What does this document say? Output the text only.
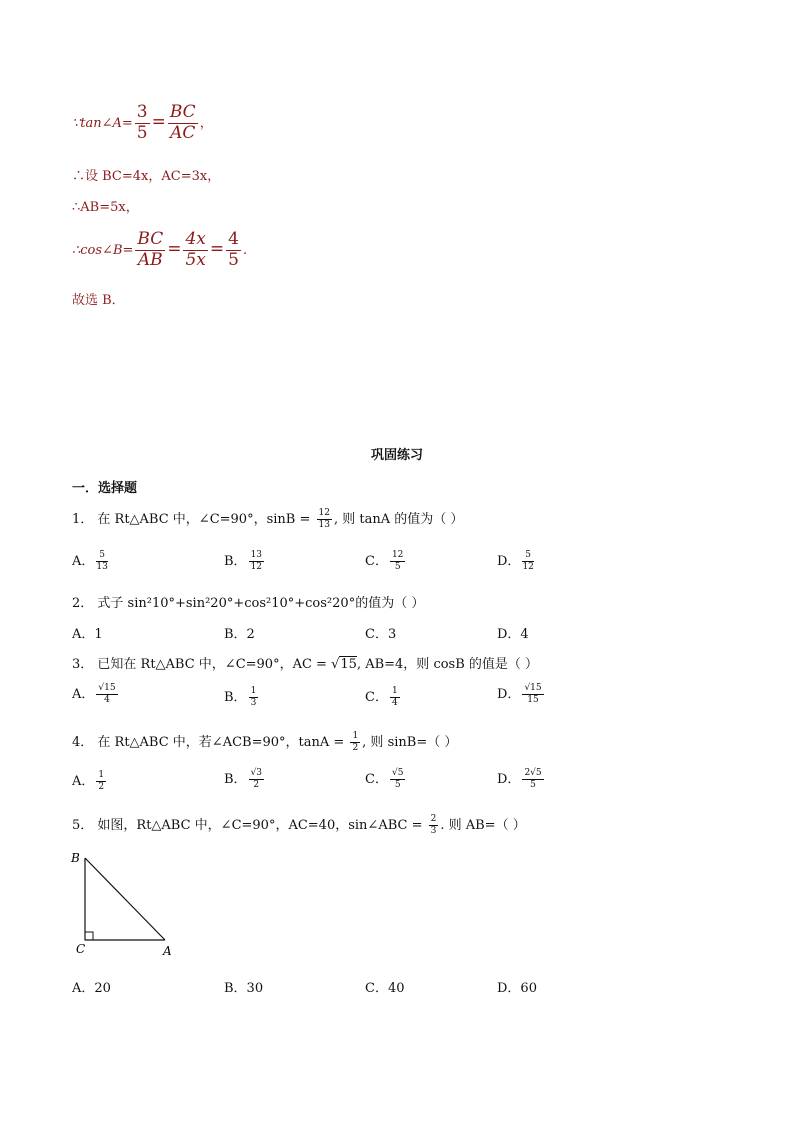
∵tan∠A= $\frac{3}{5} = \frac{BC}{AC}$ ，
∴设 BC=4x，AC=3x，
∴AB=5x，
∴cos∠B= $\frac{BC}{AB} = \frac{4x}{5x} = \frac{4}{5}$ .
故选 B．
巩固练习
一．选择题
1． 在 Rt△ABC 中，∠C=90°，$\sin B = \frac{12}{13}$ , 则 tanA 的值为（ ）
A． $\frac{5}{13}$	B． $\frac{13}{12}$	C． $\frac{12}{5}$	D． $\frac{5}{12}$
2． 式子 sin²10°+sin²20°+cos²10°+cos²20°的值为（ ）
A．1	B．2	C．3	D．4
3． 已知在 Rt△ABC 中，∠C=90°，AC = √15, AB=4，则 cosB 的值是（ ）
A． $\frac{√15}{4}$	B． $\frac{1}{3}$	C． $\frac{1}{4}$	D． $\frac{√15}{15}$
4． 在 Rt△ABC 中，若∠ACB=90°，$\tan A = \frac{1}{2}$ , 则 sinB=（ ）
A． $\frac{1}{2}$	B． $\frac{√3}{2}$	C． $\frac{√5}{5}$	D． $\frac{2√5}{5}$
5． 如图，Rt△ABC 中，∠C=90°，AC=40，sin∠ABC = $\frac{2}{3}$ . 则 AB=（ ）
B
C	A
A．20	B．30	C．40	D．60
